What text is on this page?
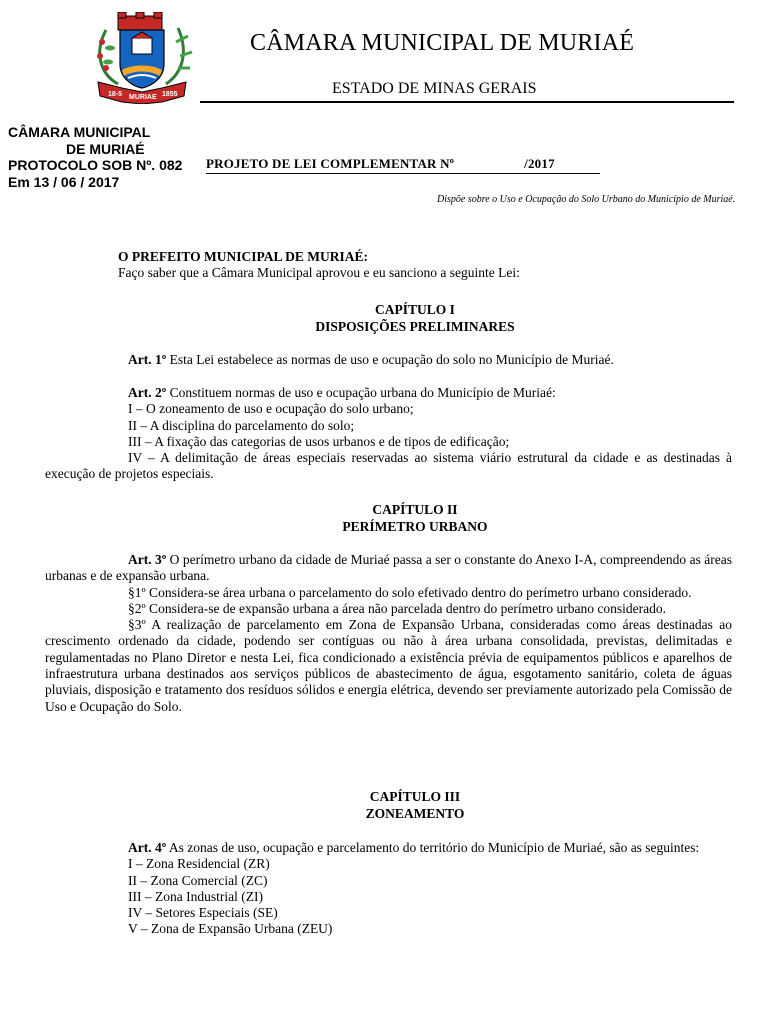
18-5 MURIAE 1855
CÂMARA MUNICIPAL DE MURIAÉ
ESTADO DE MINAS GERAIS
CÂMARA MUNICIPAL
DE MURIAÉ
PROTOCOLO SOB Nº. 082
Em 13 / 06 / 2017
PROJETO DE LEI COMPLEMENTAR Nº	/2017
Dispõe sobre o Uso e Ocupação do Solo Urbano do Município de Muriaé.

O PREFEITO MUNICIPAL DE MURIAÉ:

Faço saber que a Câmara Municipal aprovou e eu sanciono a seguinte Lei:

CAPÍTULO I
DISPOSIÇÕES PRELIMINARES

Art. 1º Esta Lei estabelece as normas de uso e ocupação do solo no Município de Muriaé.

Art. 2º Constituem normas de uso e ocupação urbana do Município de Muriaé:

I – O zoneamento de uso e ocupação do solo urbano;

II – A disciplina do parcelamento do solo;

III – A fixação das categorias de usos urbanos e de tipos de edificação;

IV – A delimitação de áreas especiais reservadas ao sistema viário estrutural da cidade e as destinadas à execução de projetos especiais.

CAPÍTULO II
PERÍMETRO URBANO

Art. 3º O perímetro urbano da cidade de Muriaé passa a ser o constante do Anexo I-A, compreendendo as áreas urbanas e de expansão urbana.

§1º Considera-se área urbana o parcelamento do solo efetivado dentro do perímetro urbano considerado.

§2º Considera-se de expansão urbana a área não parcelada dentro do perímetro urbano considerado.

§3º A realização de parcelamento em Zona de Expansão Urbana, consideradas como áreas destinadas ao crescimento ordenado da cidade, podendo ser contíguas ou não à área urbana consolidada, previstas, delimitadas e regulamentadas no Plano Diretor e nesta Lei, fica condicionado a existência prévia de equipamentos públicos e aparelhos de infraestrutura urbana destinados aos serviços públicos de abastecimento de água, esgotamento sanitário, coleta de águas pluviais, disposição e tratamento dos resíduos sólidos e energia elétrica, devendo ser previamente autorizado pela Comissão de Uso e Ocupação do Solo.

CAPÍTULO III
ZONEAMENTO

Art. 4º As zonas de uso, ocupação e parcelamento do território do Município de Muriaé, são as seguintes:

I – Zona Residencial (ZR)

II – Zona Comercial (ZC)

III – Zona Industrial (ZI)

IV – Setores Especiais (SE)

V – Zona de Expansão Urbana (ZEU)
